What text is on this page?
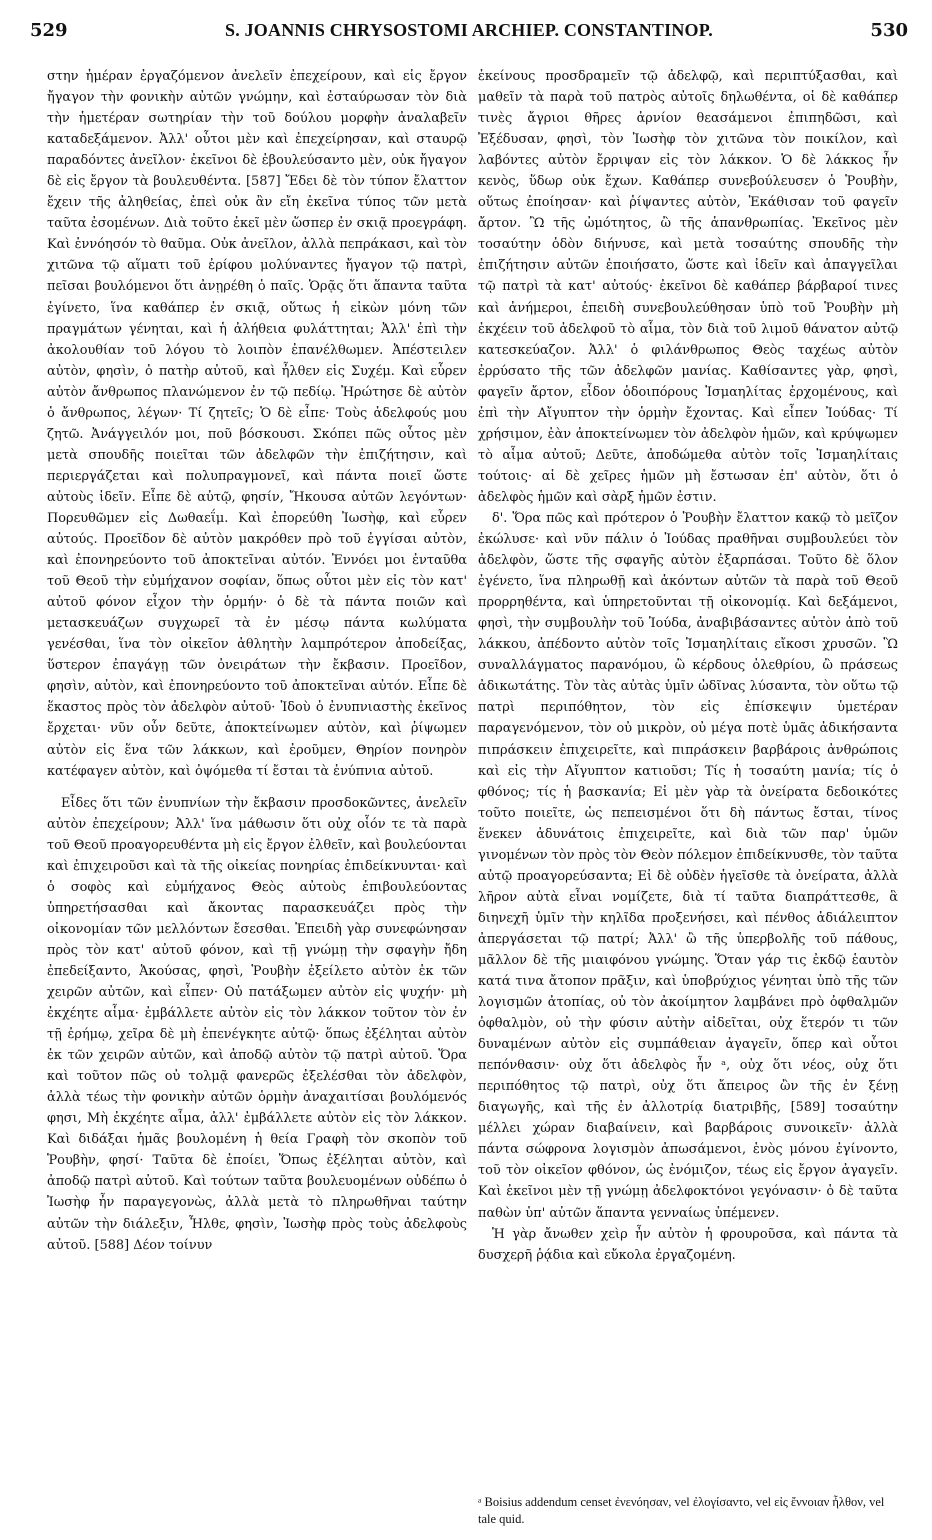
529	S. JOANNIS CHRYSOSTOMI ARCHIEP. CONSTANTINOP.	530

στην ἡμέραν ἐργαζόμενον ἀνελεῖν ἐπεχείρουν, καὶ εἰς ἔργον ἤγαγον τὴν φονικὴν αὐτῶν γνώμην, καὶ ἐσταύρωσαν τὸν διὰ τὴν ἡμετέραν σωτηρίαν τὴν τοῦ δούλου μορφὴν ἀναλαβεῖν καταδεξάμενον. Ἀλλ' οὗτοι μὲν καὶ ἐπεχείρησαν, καὶ σταυρῷ παραδόντες ἀνεῖλον· ἐκεῖνοι δὲ ἐβουλεύσαντο μὲν, οὐκ ἤγαγον δὲ εἰς ἔργον τὰ βουλευθέντα. [587] Ἔδει δὲ τὸν τύπον ἔλαττον ἔχειν τῆς ἀληθείας, ἐπεὶ οὐκ ἂν εἴη ἐκεῖνα τύπος τῶν μετὰ ταῦτα ἐσομένων. Διὰ τοῦτο ἐκεῖ μὲν ὥσπερ ἐν σκιᾷ προεγράφη. Καὶ ἐννόησόν τὸ θαῦμα. Οὐκ ἀνεῖλον, ἀλλὰ πεπράκασι, καὶ τὸν χιτῶνα τῷ αἵματι τοῦ ἐρίφου μολύναντες ἤγαγον τῷ πατρὶ, πεῖσαι βουλόμενοι ὅτι ἀνῃρέθη ὁ παῖς. Ὁρᾷς ὅτι ἅπαντα ταῦτα ἐγίνετο, ἵνα καθάπερ ἐν σκιᾷ, οὕτως ἡ εἰκὼν μόνη τῶν πραγμάτων γένηται, καὶ ἡ ἀλήθεια φυλάττηται; Ἀλλ' ἐπὶ τὴν ἀκολουθίαν τοῦ λόγου τὸ λοιπὸν ἐπανέλθωμεν. Ἀπέστειλεν αὐτὸν, φησὶν, ὁ πατὴρ αὐτοῦ, καὶ ἦλθεν εἰς Συχέμ. Καὶ εὗρεν αὐτὸν ἄνθρωπος πλανώμενον ἐν τῷ πεδίῳ. Ἠρώτησε δὲ αὐτὸν ὁ ἄνθρωπος, λέγων· Τί ζητεῖς; Ὁ δὲ εἶπε· Τοὺς ἀδελφούς μου ζητῶ. Ἀνάγγειλόν μοι, ποῦ βόσκουσι. Σκόπει πῶς οὗτος μὲν μετὰ σπουδῆς ποιεῖται τῶν ἀδελφῶν τὴν ἐπιζήτησιν, καὶ περιεργάζεται καὶ πολυπραγμονεῖ, καὶ πάντα ποιεῖ ὥστε αὐτοὺς ἰδεῖν. Εἶπε δὲ αὐτῷ, φησίν, Ἤκουσα αὐτῶν λεγόντων· Πορευθῶμεν εἰς Δωθαεΐμ. Καὶ ἐπορεύθη Ἰωσὴφ, καὶ εὗρεν αὐτούς. Προεῖδον δὲ αὐτὸν μακρόθεν πρὸ τοῦ ἐγγίσαι αὐτὸν, καὶ ἐπονηρεύοντο τοῦ ἀποκτεῖναι αὐτόν. Ἐννόει μοι ἐνταῦθα τοῦ Θεοῦ τὴν εὐμήχανον σοφίαν, ὅπως οὗτοι μὲν εἰς τὸν κατ' αὐτοῦ φόνον εἶχον τὴν ὁρμήν· ὁ δὲ τὰ πάντα ποιῶν καὶ μετασκευάζων συγχωρεῖ τὰ ἐν μέσῳ πάντα κωλύματα γενέσθαι, ἵνα τὸν οἰκεῖον ἀθλητὴν λαμπρότερον ἀποδείξας, ὕστερον ἐπαγάγῃ τῶν ὀνειράτων τὴν ἔκβασιν. Προεῖδον, φησὶν, αὐτὸν, καὶ ἐπονηρεύοντο τοῦ ἀποκτεῖναι αὐτόν. Εἶπε δὲ ἕκαστος πρὸς τὸν ἀδελφὸν αὐτοῦ· Ἰδοὺ ὁ ἐνυπνιαστὴς ἐκεῖνος ἔρχεται· νῦν οὖν δεῦτε, ἀποκτείνωμεν αὐτὸν, καὶ ῥίψωμεν αὐτὸν εἰς ἕνα τῶν λάκκων, καὶ ἐροῦμεν, Θηρίον πονηρὸν κατέφαγεν αὐτὸν, καὶ ὀψόμεθα τί ἔσται τὰ ἐνύπνια αὐτοῦ.

Εἶδες ὅτι τῶν ἐνυπνίων τὴν ἔκβασιν προσδοκῶντες, ἀνελεῖν αὐτὸν ἐπεχείρουν; Ἀλλ' ἵνα μάθωσιν ὅτι οὐχ οἷόν τε τὰ παρὰ τοῦ Θεοῦ προαγορευθέντα μὴ εἰς ἔργον ἐλθεῖν, καὶ βουλεύονται καὶ ἐπιχειροῦσι καὶ τὰ τῆς οἰκείας πονηρίας ἐπιδείκνυνται· καὶ ὁ σοφὸς καὶ εὐμήχανος Θεὸς αὐτοὺς ἐπιβουλεύοντας ὑπηρετήσασθαι καὶ ἄκοντας παρασκευάζει πρὸς τὴν οἰκονομίαν τῶν μελλόντων ἔσεσθαι. Ἐπειδὴ γὰρ συνεφώνησαν πρὸς τὸν κατ' αὐτοῦ φόνον, καὶ τῇ γνώμῃ τὴν σφαγὴν ἤδη ἐπεδείξαντο, Ἀκούσας, φησὶ, Ῥουβὴν ἐξείλετο αὐτὸν ἐκ τῶν χειρῶν αὐτῶν, καὶ εἶπεν· Οὐ πατάξωμεν αὐτὸν εἰς ψυχήν· μὴ ἐκχέητε αἷμα· ἐμβάλλετε αὐτὸν εἰς τὸν λάκκον τοῦτον τὸν ἐν τῇ ἐρήμῳ, χεῖρα δὲ μὴ ἐπενέγκητε αὐτῷ· ὅπως ἐξέληται αὐτὸν ἐκ τῶν χειρῶν αὐτῶν, καὶ ἀποδῷ αὐτὸν τῷ πατρὶ αὐτοῦ. Ὅρα καὶ τοῦτον πῶς οὐ τολμᾷ φανερῶς ἐξελέσθαι τὸν ἀδελφὸν, ἀλλὰ τέως τὴν φονικὴν αὐτῶν ὁρμὴν ἀναχαιτίσαι βουλόμενός φησι, Μὴ ἐκχέητε αἷμα, ἀλλ' ἐμβάλλετε αὐτὸν εἰς τὸν λάκκον. Καὶ διδάξαι ἡμᾶς βουλομένη ἡ θεία Γραφὴ τὸν σκοπὸν τοῦ Ῥουβὴν, φησί· Ταῦτα δὲ ἐποίει, Ὅπως ἐξέληται αὐτὸν, καὶ ἀποδῷ πατρὶ αὐτοῦ. Καὶ τούτων ταῦτα βουλευομένων οὐδέπω ὁ Ἰωσὴφ ἦν παραγεγονὼς, ἀλλὰ μετὰ τὸ πληρωθῆναι ταύτην αὐτῶν τὴν διάλεξιν, Ἦλθε, φησὶν, Ἰωσὴφ πρὸς τοὺς ἀδελφοὺς αὐτοῦ. [588] Δέον τοίνυν

ἐκείνους προσδραμεῖν τῷ ἀδελφῷ, καὶ περιπτύξασθαι, καὶ μαθεῖν τὰ παρὰ τοῦ πατρὸς αὐτοῖς δηλωθέντα, οἱ δὲ καθάπερ τινὲς ἄγριοι θῆρες ἀρνίον θεασάμενοι ἐπιπηδῶσι, καὶ Ἐξέδυσαν, φησὶ, τὸν Ἰωσὴφ τὸν χιτῶνα τὸν ποικίλον, καὶ λαβόντες αὐτὸν ἔρριψαν εἰς τὸν λάκκον. Ὁ δὲ λάκκος ἦν κενὸς, ὕδωρ οὐκ ἔχων. Καθάπερ συνεβούλευσεν ὁ Ῥουβὴν, οὕτως ἐποίησαν· καὶ ῥίψαντες αὐτὸν, Ἐκάθισαν τοῦ φαγεῖν ἄρτον. Ὢ τῆς ὠμότητος, ὢ τῆς ἀπανθρωπίας. Ἐκεῖνος μὲν τοσαύτην ὁδὸν διήνυσε, καὶ μετὰ τοσαύτης σπουδῆς τὴν ἐπιζήτησιν αὐτῶν ἐποιήσατο, ὥστε καὶ ἰδεῖν καὶ ἀπαγγεῖλαι τῷ πατρὶ τὰ κατ' αὐτούς· ἐκεῖνοι δὲ καθάπερ βάρβαροί τινες καὶ ἀνήμεροι, ἐπειδὴ συνεβουλεύθησαν ὑπὸ τοῦ Ῥουβὴν μὴ ἐκχέειν τοῦ ἀδελφοῦ τὸ αἷμα, τὸν διὰ τοῦ λιμοῦ θάνατον αὐτῷ κατεσκεύαζον. Ἀλλ' ὁ φιλάνθρωπος Θεὸς ταχέως αὐτὸν ἐρρύσατο τῆς τῶν ἀδελφῶν μανίας. Καθίσαντες γὰρ, φησὶ, φαγεῖν ἄρτον, εἶδον ὁδοιπόρους Ἰσμαηλίτας ἐρχομένους, καὶ ἐπὶ τὴν Αἴγυπτον τὴν ὁρμὴν ἔχοντας. Καὶ εἶπεν Ἰούδας· Τί χρήσιμον, ἐὰν ἀποκτείνωμεν τὸν ἀδελφὸν ἡμῶν, καὶ κρύψωμεν τὸ αἷμα αὐτοῦ; Δεῦτε, ἀποδώμεθα αὐτὸν τοῖς Ἰσμαηλίταις τούτοις· αἱ δὲ χεῖρες ἡμῶν μὴ ἔστωσαν ἐπ' αὐτὸν, ὅτι ὁ ἀδελφὸς ἡμῶν καὶ σὰρξ ἡμῶν ἐστιν.

δ'. Ὅρα πῶς καὶ πρότερον ὁ Ῥουβὴν ἔλαττον κακῷ τὸ μεῖζον ἐκώλυσε· καὶ νῦν πάλιν ὁ Ἰούδας πραθῆναι συμβουλεύει τὸν ἀδελφὸν, ὥστε τῆς σφαγῆς αὐτὸν ἐξαρπάσαι. Τοῦτο δὲ ὅλον ἐγένετο, ἵνα πληρωθῇ καὶ ἀκόντων αὐτῶν τὰ παρὰ τοῦ Θεοῦ προρρηθέντα, καὶ ὑπηρετοῦνται τῇ οἰκονομίᾳ. Καὶ δεξάμενοι, φησὶ, τὴν συμβουλὴν τοῦ Ἰούδα, ἀναβιβάσαντες αὐτὸν ἀπὸ τοῦ λάκκου, ἀπέδοντο αὐτὸν τοῖς Ἰσμαηλίταις εἴκοσι χρυσῶν. Ὢ συναλλάγματος παρανόμου, ὢ κέρδους ὀλεθρίου, ὢ πράσεως ἀδικωτάτης. Τὸν τὰς αὐτὰς ὑμῖν ὠδῖνας λύσαντα, τὸν οὕτω τῷ πατρὶ περιπόθητον, τὸν εἰς ἐπίσκεψιν ὑμετέραν παραγενόμενον, τὸν οὐ μικρὸν, οὐ μέγα ποτὲ ὑμᾶς ἀδικήσαντα πιπράσκειν ἐπιχειρεῖτε, καὶ πιπράσκειν βαρβάροις ἀνθρώποις καὶ εἰς τὴν Αἴγυπτον κατιοῦσι; Τίς ἡ τοσαύτη μανία; τίς ὁ φθόνος; τίς ἡ βασκανία; Εἰ μὲν γὰρ τὰ ὀνείρατα δεδοικότες τοῦτο ποιεῖτε, ὡς πεπεισμένοι ὅτι δὴ πάντως ἔσται, τίνος ἕνεκεν ἀδυνάτοις ἐπιχειρεῖτε, καὶ διὰ τῶν παρ' ὑμῶν γινομένων τὸν πρὸς τὸν Θεὸν πόλεμον ἐπιδείκνυσθε, τὸν ταῦτα αὐτῷ προαγορεύσαντα; Εἰ δὲ οὐδὲν ἡγεῖσθε τὰ ὀνείρατα, ἀλλὰ λῆρον αὐτὰ εἶναι νομίζετε, διὰ τί ταῦτα διαπράττεσθε, ἃ διηνεχῆ ὑμῖν τὴν κηλῖδα προξενήσει, καὶ πένθος ἀδιάλειπτον ἀπεργάσεται τῷ πατρί; Ἀλλ' ὢ τῆς ὑπερβολῆς τοῦ πάθους, μᾶλλον δὲ τῆς μιαιφόνου γνώμης. Ὅταν γάρ τις ἐκδῷ ἑαυτὸν κατά τινα ἄτοπον πρᾶξιν, καὶ ὑποβρύχιος γένηται ὑπὸ τῆς τῶν λογισμῶν ἀτοπίας, οὐ τὸν ἀκοίμητον λαμβάνει πρὸ ὀφθαλμῶν ὀφθαλμὸν, οὐ τὴν φύσιν αὐτὴν αἰδεῖται, οὐχ ἕτερόν τι τῶν δυναμένων αὐτὸν εἰς συμπάθειαν ἀγαγεῖν, ὅπερ καὶ οὗτοι πεπόνθασιν· οὐχ ὅτι ἀδελφὸς ἦν ᵃ, οὐχ ὅτι νέος, οὐχ ὅτι περιπόθητος τῷ πατρὶ, οὐχ ὅτι ἄπειρος ὢν τῆς ἐν ξένῃ διαγωγῆς, καὶ τῆς ἐν ἀλλοτρίᾳ διατριβῆς, [589] τοσαύτην μέλλει χώραν διαβαίνειν, καὶ βαρβάροις συνοικεῖν· ἀλλὰ πάντα σώφρονα λογισμὸν ἀπωσάμενοι, ἑνὸς μόνου ἐγίνοντο, τοῦ τὸν οἰκεῖον φθόνον, ὡς ἐνόμιζον, τέως εἰς ἔργον ἀγαγεῖν. Καὶ ἐκεῖνοι μὲν τῇ γνώμῃ ἀδελφοκτόνοι γεγόνασιν· ὁ δὲ ταῦτα παθὼν ὑπ' αὐτῶν ἅπαντα γενναίως ὑπέμενεν.

Ἡ γὰρ ἄνωθεν χεὶρ ἦν αὐτὸν ἡ φρουροῦσα, καὶ πάντα τὰ δυσχερῆ ῥᾴδια καὶ εὔκολα ἐργαζομένη.

ᵃ Boisius addendum censet ἐνενόησαν, vel ἐλογίσαντο, vel εἰς ἔννοιαν ἦλθον, vel tale quid.
